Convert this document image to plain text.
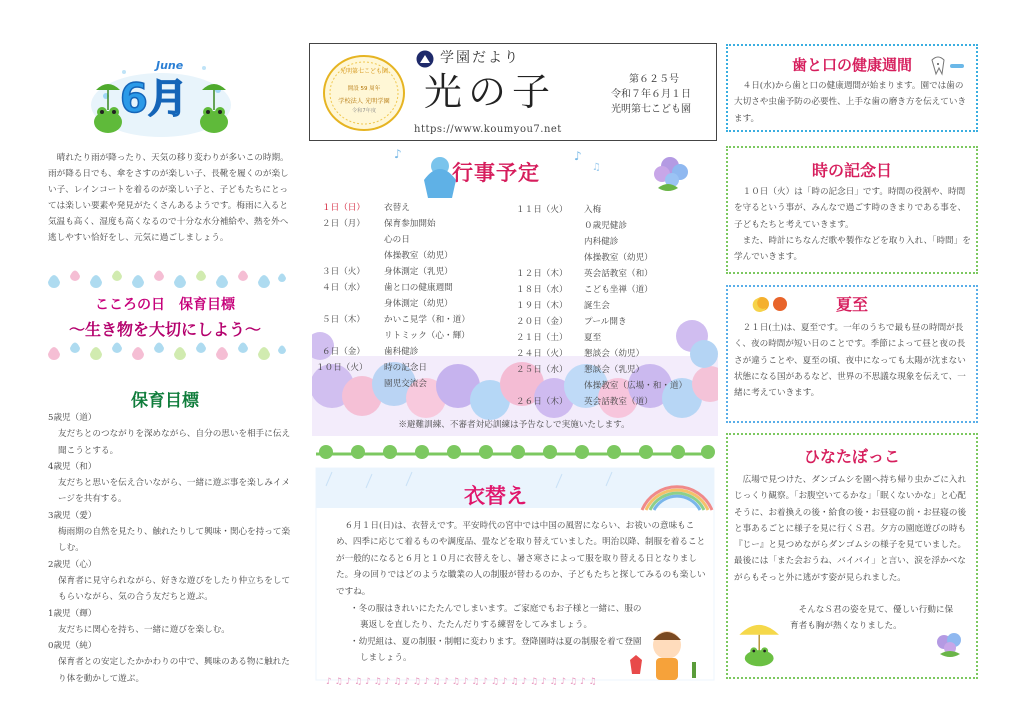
6月
June

晴れたり雨が降ったり、天気の移り変わりが多いこの時期。雨が降る日でも、傘をさすのが楽しい子、長靴を履くのが楽しい子、レインコートを着るのが楽しい子と、子どもたちにとっては楽しい要素や発見がたくさんあるようです。梅雨に入ると気温も高く、湿度も高くなるので十分な水分補給や、熱を外へ逃しやすい恰好をし、元気に過ごしましょう。

こころの日　保育目標
～生き物を大切にしよう～
保育目標
5歳児（道）
友だちとのつながりを深めながら、自分の思いを相手に伝え聞こうとする。
4歳児（和）
友だちと思いを伝え合いながら、一緒に遊ぶ事を楽しみイメージを共有する。
3歳児（愛）
梅雨期の自然を見たり、触れたりして興味・関心を持って楽しむ。
2歳児（心）
保育者に見守られながら、好きな遊びをしたり仲立ちをしてもらいながら、気の合う友だちと遊ぶ。
1歳児（輝）
友だちに関心を持ち、一緒に遊びを楽しむ。
0歳児（純）
保育者との安定したかかわりの中で、興味のある物に触れたり体を動かして遊ぶ。
光明第七こども園
開設 59 周年
学校法人 光明学園
令和7年度
学園だより
光の子	第６２５号
令和７年６月１日
光明第七こども園
https://www.koumyou7.net
♪	♪
♫
行事予定
１日（日） 衣替え
２日（月） 保育参加開始
心の日
体操教室（幼児）
３日（火） 身体測定（乳児）
４日（水） 歯と口の健康週間
身体測定（幼児）
５日（木） かいこ見学（和・道）
リトミック（心・輝）
６日（金） 歯科健診
１０日（火） 時の記念日
園児交流会
１１日（火） 入梅
０歳児健診
内科健診
体操教室（幼児）
１２日（木） 英会話教室（和）
１８日（水） こども坐禅（道）
１９日（木） 誕生会
２０日（金） プール開き
２１日（土） 夏至
２４日（火） 懇談会（幼児）
２５日（水） 懇談会（乳児）
体操教室（広場・和・道）
２６日（木） 英会話教室（道）
※避難訓練、不審者対応訓練は予告なしで実施いたします。
♪ ♫ ♪ ♫ ♪ ♫ ♪ ♫ ♪ ♫ ♪ ♫ ♪ ♫ ♪ ♫ ♪ ♫ ♪ ♫ ♪ ♫ ♪ ♫ ♪ ♫ ♪ ♫
衣替え

６月１日(日)は、衣替えです。平安時代の宮中では中国の風習にならい、お祓いの意味もこめ、四季に応じて着るものや調度品、畳などを取り替えていました。明治以降、制服を着ることが一般的になると６月と１０月に衣替えをし、暑さ寒さによって服を取り替える日となりました。身の回りではどのような職業の人の制服が替わるのか、子どもたちと探してみるのも楽しいですね。

・冬の服はきれいにたたんでしまいます。ご家庭でもお子様と一緒に、服の裏返しを直したり、たたんだりする練習をしてみましょう。
・幼児組は、夏の制服・制帽に変わります。登降園時は夏の制服を着て登園しましょう。
歯と口の健康週間

４日(水)から歯と口の健康週間が始まります。園では歯の大切さや虫歯予防の必要性、上手な歯の磨き方を伝えていきます。

時の記念日

１０日（火）は「時の記念日」です。時間の役割や、時間を守るという事が、みんなで過ごす時のきまりである事を、子どもたちと考えていきます。

また、時計にちなんだ歌や製作などを取り入れ、「時間」を学んでいきます。

夏至

２１日(土)は、夏至です。一年のうちで最も昼の時間が長く、夜の時間が短い日のことです。季節によって昼と夜の長さが違うことや、夏至の頃、夜中になっても太陽が沈まない状態になる国があるなど、世界の不思議な現象を伝えて、一緒に考えていきます。

ひなたぼっこ

広場で見つけた、ダンゴムシを園へ持ち帰り虫かごに入れじっくり観察。「お腹空いてるかな」「眠くないかな」と心配そうに、お着換えの後・給食の後・お昼寝の前・お昼寝の後と事あるごとに様子を見に行くＳ君。夕方の園庭遊びの時も『じー』と見つめながらダンゴムシの様子を見ていました。最後には「また会おうね、バイバイ」と言い、涙を浮かべながらもそっと外に逃がす姿が見られました。

そんなＳ君の姿を見て、優しい行動に保育者も胸が熱くなりました。
